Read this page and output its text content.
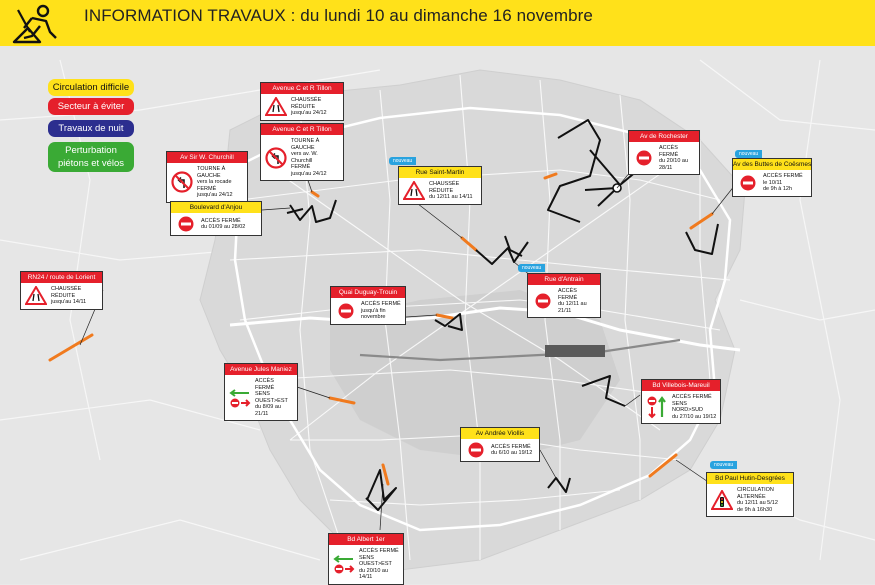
INFORMATION TRAVAUX : du lundi 10 au dimanche 16 novembre
Circulation difficile
Secteur à éviter
Travaux de nuit
Perturbation piétons et vélos
Avenue C et R Tillon
CHAUSSÉE RÉDUITE
jusqu'au 24/12
Avenue C et R Tillon
TOURNE À GAUCHE
vers av. W. Churchill
FERMÉ
jusqu'au 24/12
Av Sir W. Churchill
TOURNE À GAUCHE
vers la rocade
FERMÉ
jusqu'au 24/12
Boulevard d'Anjou
ACCÈS FERMÉ
du 01/09 au 28/02
nouveau
Rue Saint-Martin
CHAUSSÉE RÉDUITE
du 12/11 au 14/11
Av de Rochester
ACCÈS FERMÉ
du 20/10 au 28/11
nouveau
Av des Buttes de Coësmes
ACCÈS FERMÉ
le 10/11
de 9h à 12h
RN24 / route de Lorient
CHAUSSÉE RÉDUITE
jusqu'au 14/11
Quai Duguay-Trouin
ACCÈS FERMÉ
jusqu'à fin novembre
nouveau
Rue d'Antrain
ACCÈS FERMÉ
du 12/11 au 21/11
Avenue Jules Maniez
ACCÈS FERMÉ
SENS OUEST>EST
du 8/09 au 21/11
Bd Villebois-Mareuil
ACCÈS FERMÉ
SENS NORD>SUD
du 27/10 au 19/12
Av Andrée Viollis
ACCÈS FERMÉ
du 6/10 au 19/12
nouveau
Bd Paul Hutin-Desgrées
CIRCULATION
ALTERNÉE
du 12/11 au 5/12
de 9h à 16h30
Bd Albert 1er
ACCÈS FERMÉ
SENS OUEST>EST
du 20/10 au 14/11
